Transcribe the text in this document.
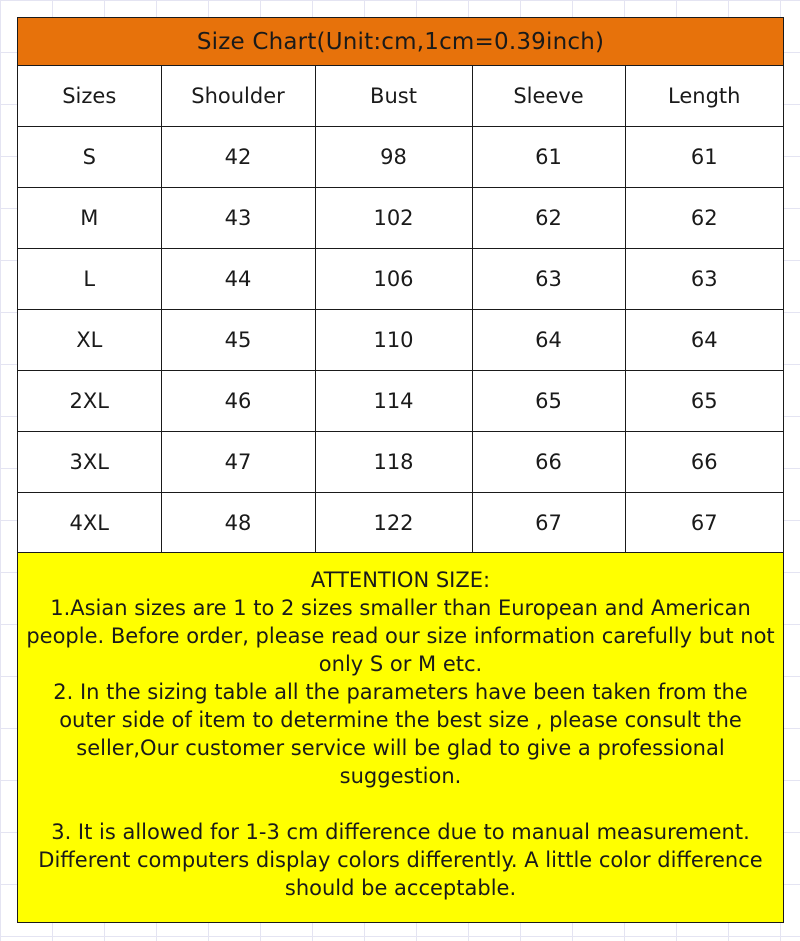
Size Chart(Unit:cm,1cm=0.39inch)
Sizes	Shoulder	Bust	Sleeve	Length
S	42	98	61	61
M	43	102	62	62
L	44	106	63	63
XL	45	110	64	64
2XL	46	114	65	65
3XL	47	118	66	66
4XL	48	122	67	67

ATTENTION SIZE:

1.Asian sizes are 1 to 2 sizes smaller than European and American people. Before order, please read our size information carefully but not only S or M etc.

2. In the sizing table all the parameters have been taken from the outer side of item to determine the best size , please consult the seller,Our customer service will be glad to give a professional suggestion.

3. It is allowed for 1-3 cm difference due to manual measurement. Different computers display colors differently. A little color difference should be acceptable.
